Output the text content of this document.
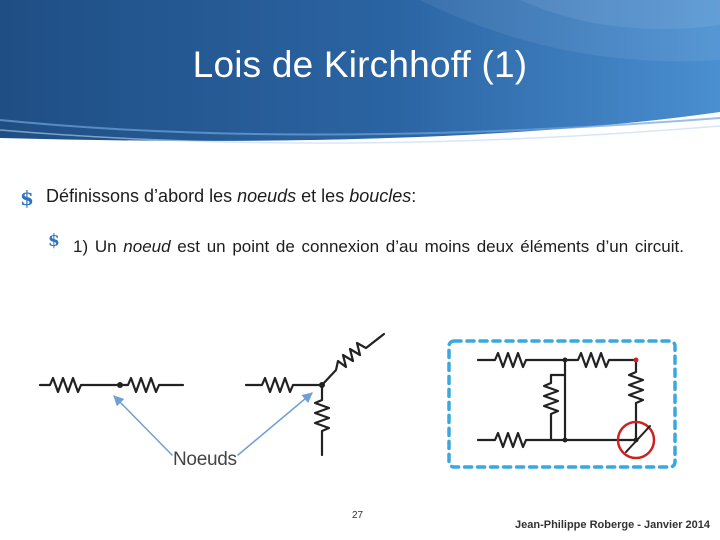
Lois de Kirchhoff (1)
$ Définissons d’abord les noeuds et les boucles:
$ 1) Un noeud est un point de connexion d’au moins deux éléments d’un circuit.
Noeuds
27
Jean-Philippe Roberge - Janvier 2014
